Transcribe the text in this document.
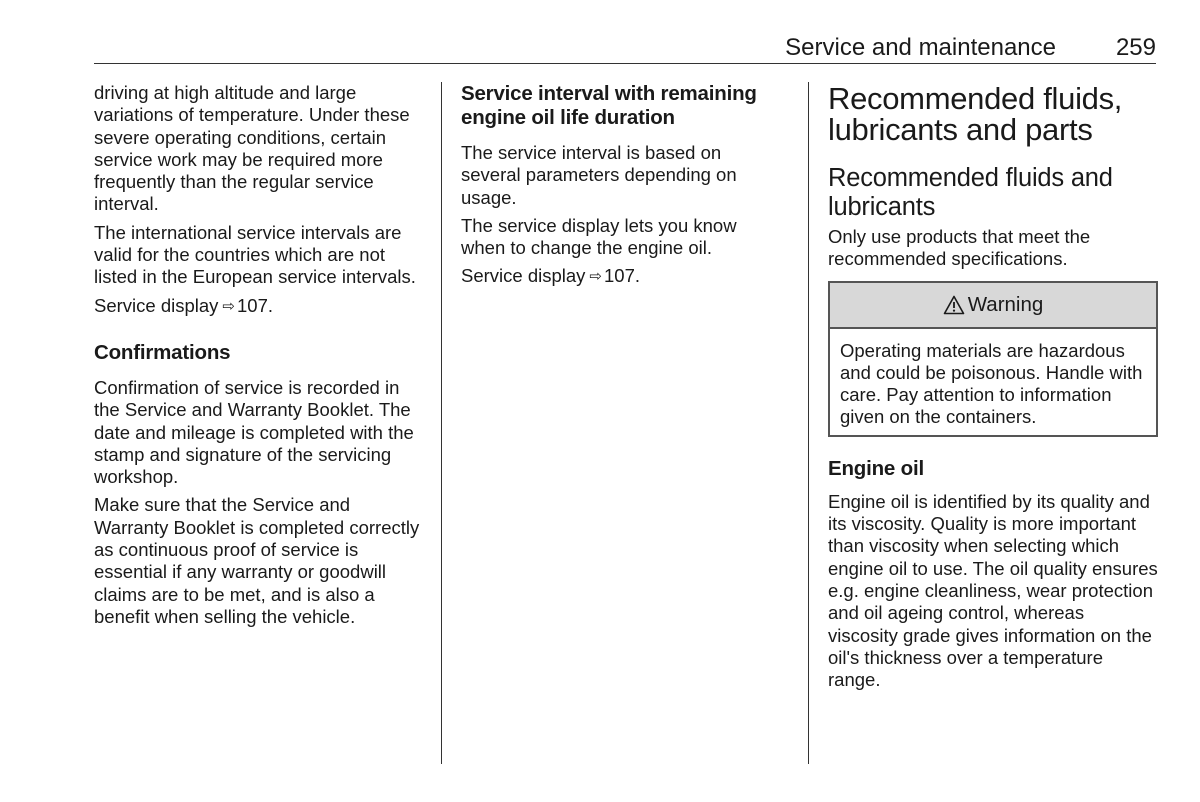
Service and maintenance 259

driving at high altitude and large variations of temperature. Under these severe operating conditions, certain service work may be required more frequently than the regular service interval.

The international service intervals are valid for the countries which are not listed in the European service intervals.

Service display ⇨ 107.

Confirmations

Confirmation of service is recorded in the Service and Warranty Booklet. The date and mileage is completed with the stamp and signature of the servicing workshop.

Make sure that the Service and Warranty Booklet is completed correctly as continuous proof of service is essential if any warranty or goodwill claims are to be met, and is also a benefit when selling the vehicle.

Service interval with remaining engine oil life duration

The service interval is based on several parameters depending on usage.

The service display lets you know when to change the engine oil.

Service display ⇨ 107.

Recommended fluids, lubricants and parts
Recommended fluids and lubricants

Only use products that meet the recommended specifications.

Warning

Operating materials are hazardous and could be poisonous. Handle with care. Pay attention to information given on the containers.

Engine oil

Engine oil is identified by its quality and its viscosity. Quality is more important than viscosity when selecting which engine oil to use. The oil quality ensures e.g. engine cleanliness, wear protection and oil ageing control, whereas viscosity grade gives information on the oil's thickness over a temperature range.
